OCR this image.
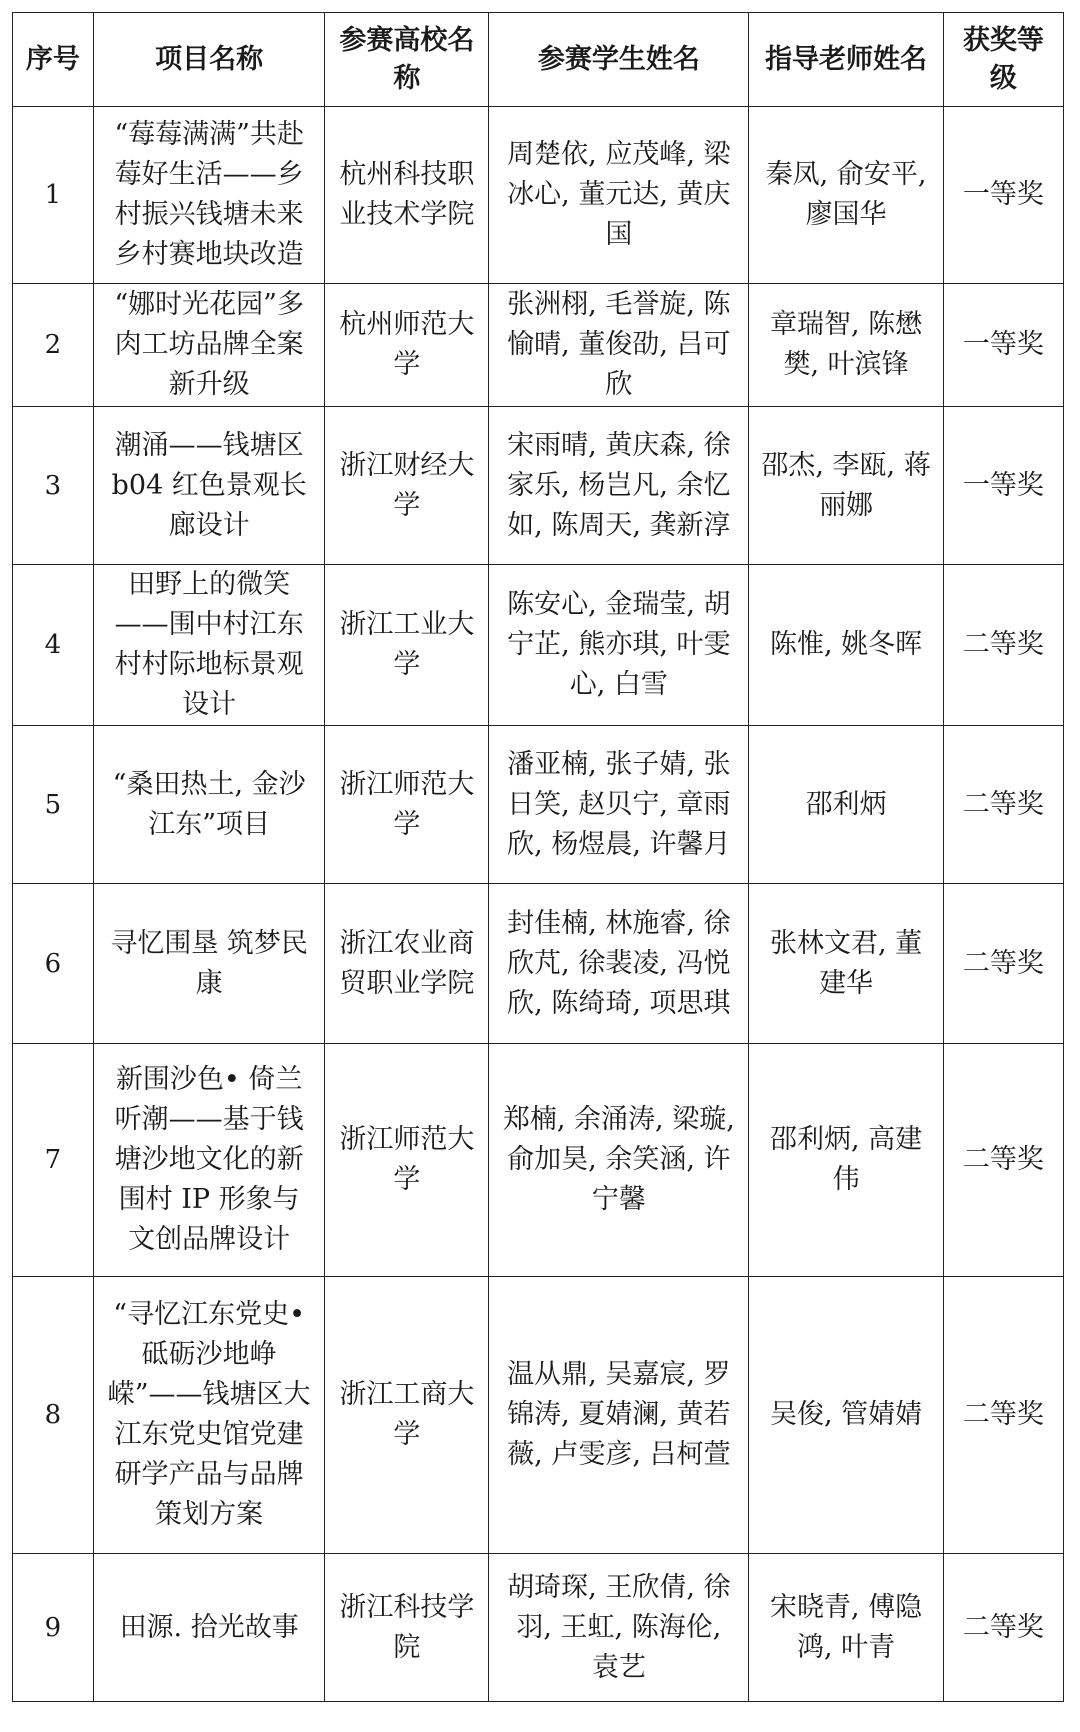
序号	项目名称	参赛高校名称	参赛学生姓名	指导老师姓名	获奖等级
1	“莓莓满满”共赴莓好生活——乡村振兴钱塘未来乡村赛地块改造	杭州科技职业技术学院	周楚依, 应茂峰, 梁冰心, 董元达, 黄庆国	秦凤, 俞安平, 廖国华	一等奖
2	“娜时光花园”多肉工坊品牌全案新升级	杭州师范大学	张洲栩, 毛誉旋, 陈愉晴, 董俊劭, 吕可欣	章瑞智, 陈懋樊, 叶滨锋	一等奖
3	潮涌——钱塘区 b04 红色景观长廊设计	浙江财经大学	宋雨晴, 黄庆森, 徐家乐, 杨岂凡, 余忆如, 陈周天, 龚新淳	邵杰, 李瓯, 蒋丽娜	一等奖
4	田野上的微笑——围中村江东村村际地标景观设计	浙江工业大学	陈安心, 金瑞莹, 胡宁芷, 熊亦琪, 叶雯心, 白雪	陈惟, 姚冬晖	二等奖
5	“桑田热土, 金沙江东”项目	浙江师范大学	潘亚楠, 张子婧, 张日笑, 赵贝宁, 章雨欣, 杨煜晨, 许馨月	邵利炳	二等奖
6	寻忆围垦 筑梦民康	浙江农业商贸职业学院	封佳楠, 林施睿, 徐欣芃, 徐裴凌, 冯悦欣, 陈绮琦, 项思琪	张林文君, 董建华	二等奖
7	新围沙色• 倚兰听潮——基于钱塘沙地文化的新围村 IP 形象与文创品牌设计	浙江师范大学	郑楠, 余涌涛, 梁璇, 俞加昊, 余笑涵, 许宁馨	邵利炳, 高建伟	二等奖
8	“寻忆江东党史•砥砺沙地峥嵘”——钱塘区大江东党史馆党建研学产品与品牌策划方案	浙江工商大学	温从鼎, 吴嘉宸, 罗锦涛, 夏婧澜, 黄若薇, 卢雯彦, 吕柯萱	吴俊, 管婧婧	二等奖
9	田源. 拾光故事	浙江科技学院	胡琦琛, 王欣倩, 徐羽, 王虹, 陈海伦, 袁艺	宋晓青, 傅隐鸿, 叶青	二等奖
